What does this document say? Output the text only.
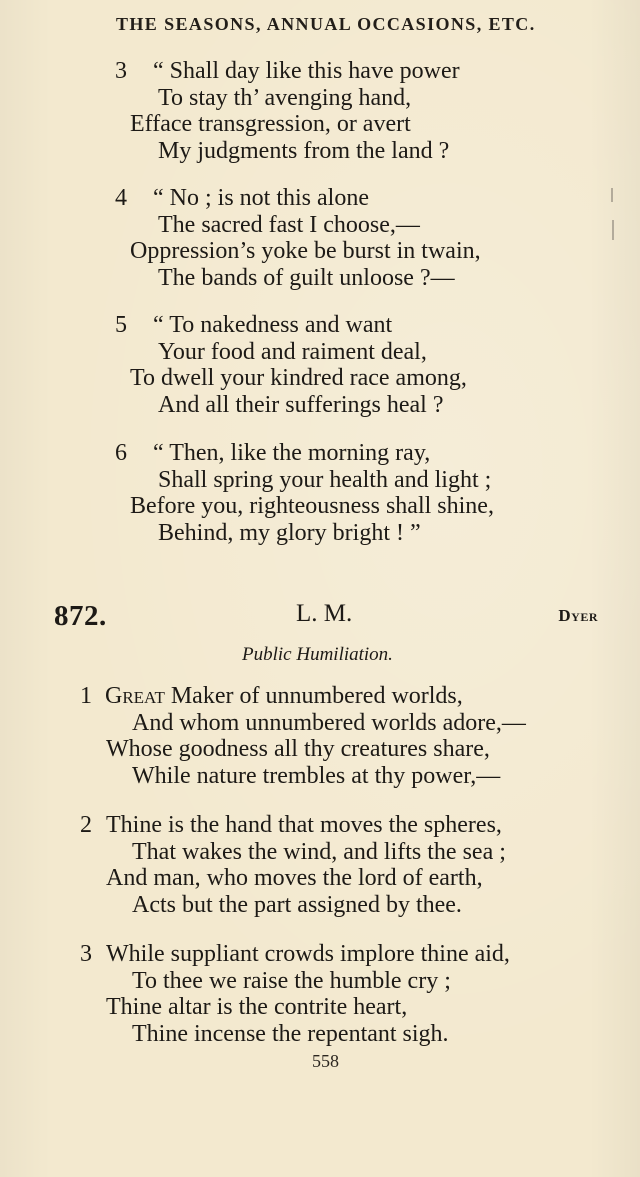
THE SEASONS, ANNUAL OCCASIONS, ETC.
3	“ Shall day like this have power
To stay th’ avenging hand,
Efface transgression, or avert
My judgments from the land ?
4	“ No ; is not this alone
The sacred fast I choose,—
Oppression’s yoke be burst in twain,
The bands of guilt unloose ?—
5	“ To nakedness and want
Your food and raiment deal,
To dwell your kindred race among,
And all their sufferings heal ?
6	“ Then, like the morning ray,
Shall spring your health and light ;
Before you, righteousness shall shine,
Behind, my glory bright ! ”
872.	L. M.	Dyer
Public Humiliation.
1 Great Maker of unnumbered worlds,
And whom unnumbered worlds adore,—
Whose goodness all thy creatures share,
While nature trembles at thy power,—
2 Thine is the hand that moves the spheres,
That wakes the wind, and lifts the sea ;
And man, who moves the lord of earth,
Acts but the part assigned by thee.
3 While suppliant crowds implore thine aid,
To thee we raise the humble cry ;
Thine altar is the contrite heart,
Thine incense the repentant sigh.
558
